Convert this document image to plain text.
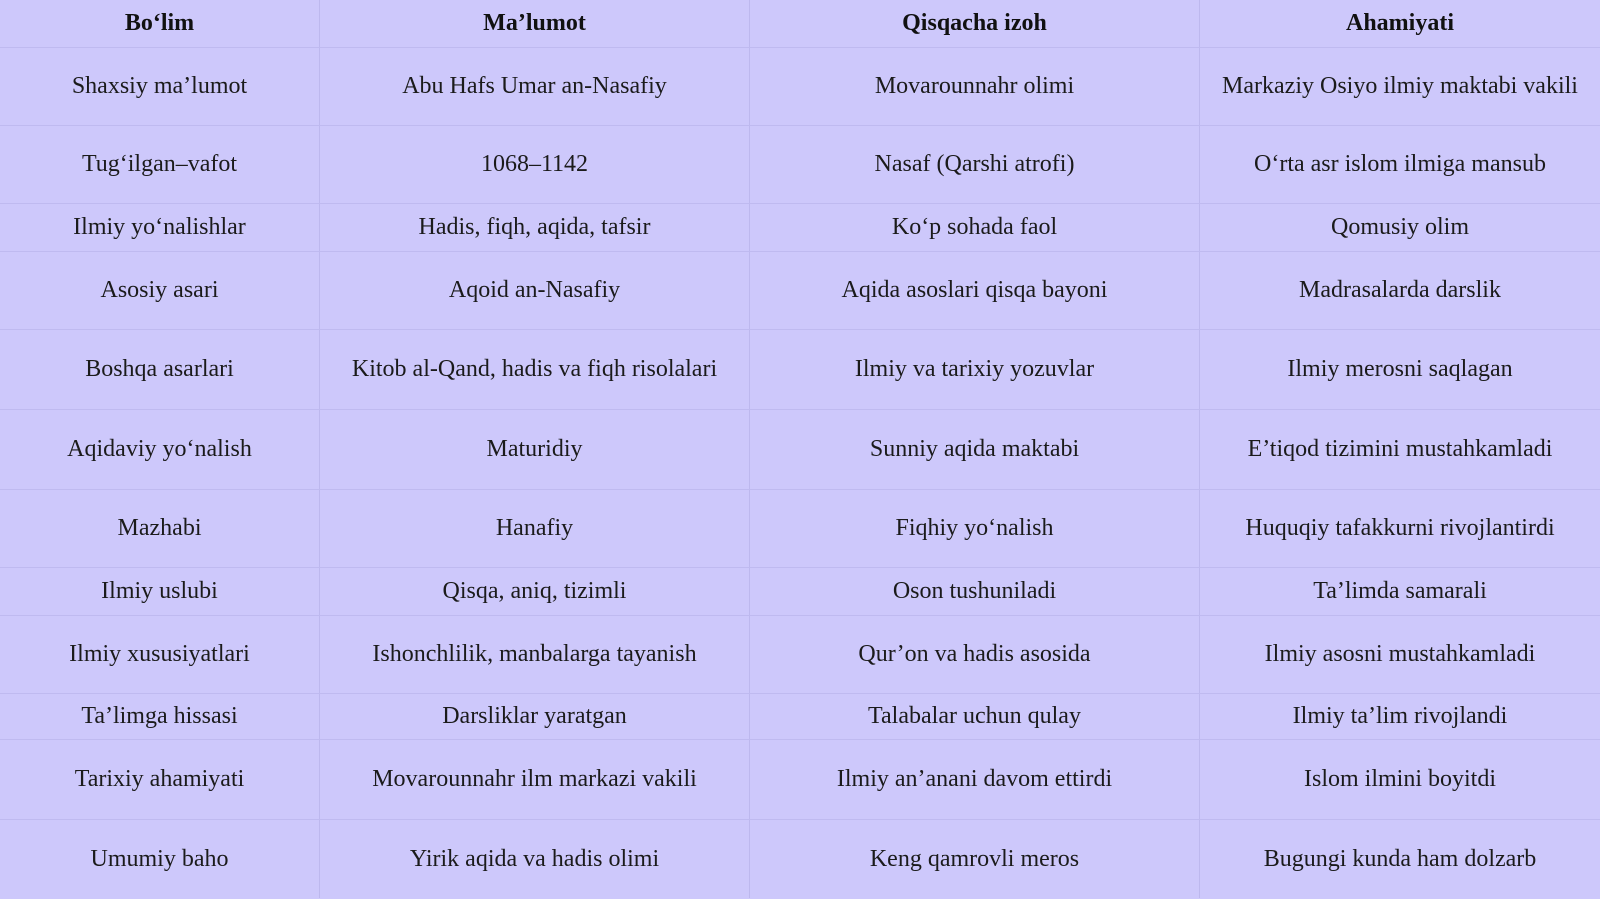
Bo‘lim	Ma’lumot	Qisqacha izoh	Ahamiyati
Shaxsiy ma’lumot	Abu Hafs Umar an-Nasafiy	Movarounnahr olimi	Markaziy Osiyo ilmiy maktabi vakili
Tug‘ilgan–vafot	1068–1142	Nasaf (Qarshi atrofi)	O‘rta asr islom ilmiga mansub
Ilmiy yo‘nalishlar	Hadis, fiqh, aqida, tafsir	Ko‘p sohada faol	Qomusiy olim
Asosiy asari	Aqoid an-Nasafiy	Aqida asoslari qisqa bayoni	Madrasalarda darslik
Boshqa asarlari	Kitob al-Qand, hadis va fiqh risolalari	Ilmiy va tarixiy yozuvlar	Ilmiy merosni saqlagan
Aqidaviy yo‘nalish	Maturidiy	Sunniy aqida maktabi	E’tiqod tizimini mustahkamladi
Mazhabi	Hanafiy	Fiqhiy yo‘nalish	Huquqiy tafakkurni rivojlantirdi
Ilmiy uslubi	Qisqa, aniq, tizimli	Oson tushuniladi	Ta’limda samarali
Ilmiy xususiyatlari	Ishonchlilik, manbalarga tayanish	Qur’on va hadis asosida	Ilmiy asosni mustahkamladi
Ta’limga hissasi	Darsliklar yaratgan	Talabalar uchun qulay	Ilmiy ta’lim rivojlandi
Tarixiy ahamiyati	Movarounnahr ilm markazi vakili	Ilmiy an’anani davom ettirdi	Islom ilmini boyitdi
Umumiy baho	Yirik aqida va hadis olimi	Keng qamrovli meros	Bugungi kunda ham dolzarb
